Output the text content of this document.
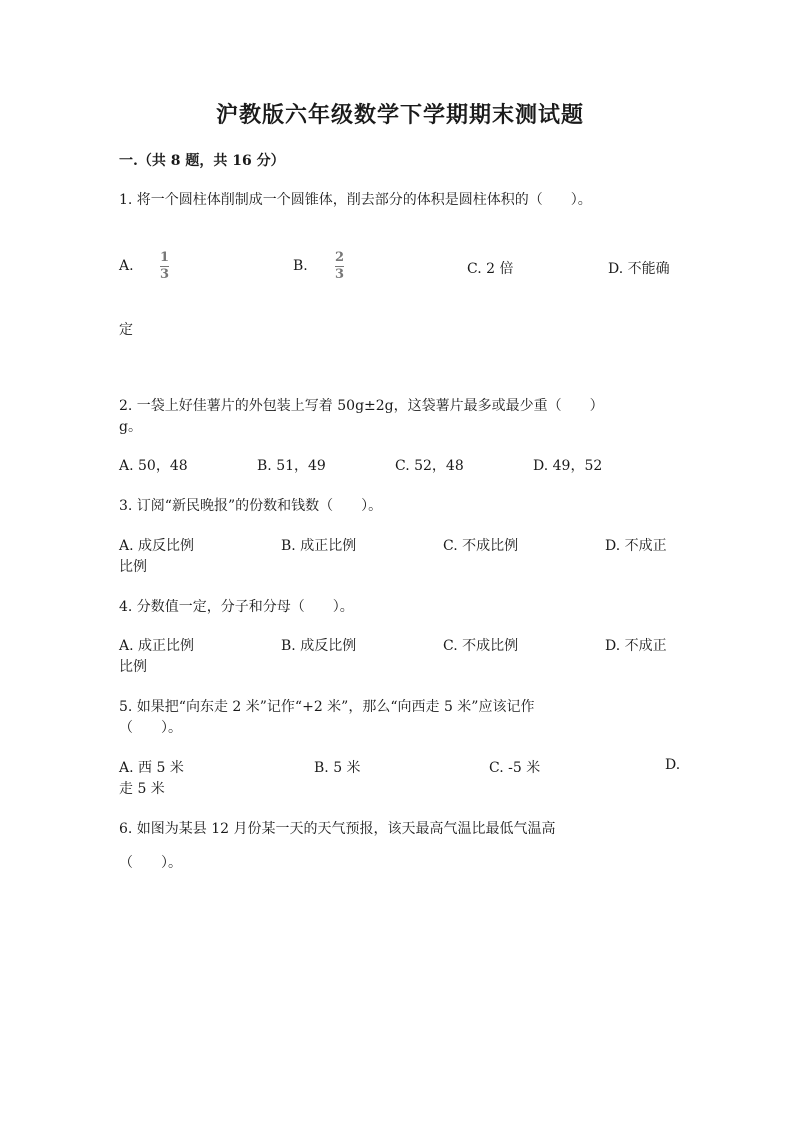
沪教版六年级数学下学期期末测试题
一.（共 8 题，共 16 分）
1. 将一个圆柱体削制成一个圆锥体，削去部分的体积是圆柱体积的（　　）。
A. $\frac{1}{3}$	B. $\frac{2}{3}$	C. 2 倍	D. 不能确
定
2. 一袋上好佳薯片的外包装上写着 50g±2g，这袋薯片最多或最少重（　　）
g。
A. 50，48	B. 51，49	C. 52，48	D. 49，52
3. 订阅“新民晚报”的份数和钱数（　　）。
A. 成反比例	B. 成正比例	C. 不成比例	D. 不成正
比例
4. 分数值一定，分子和分母（　　）。
A. 成正比例	B. 成反比例	C. 不成比例	D. 不成正
比例
5. 如果把“向东走 2 米”记作“+2 米”，那么“向西走 5 米”应该记作
（　　）。
A. 西 5 米	B. 5 米	C. -5 米	D.
走 5 米
6. 如图为某县 12 月份某一天的天气预报，该天最高气温比最低气温高
（　　）。
